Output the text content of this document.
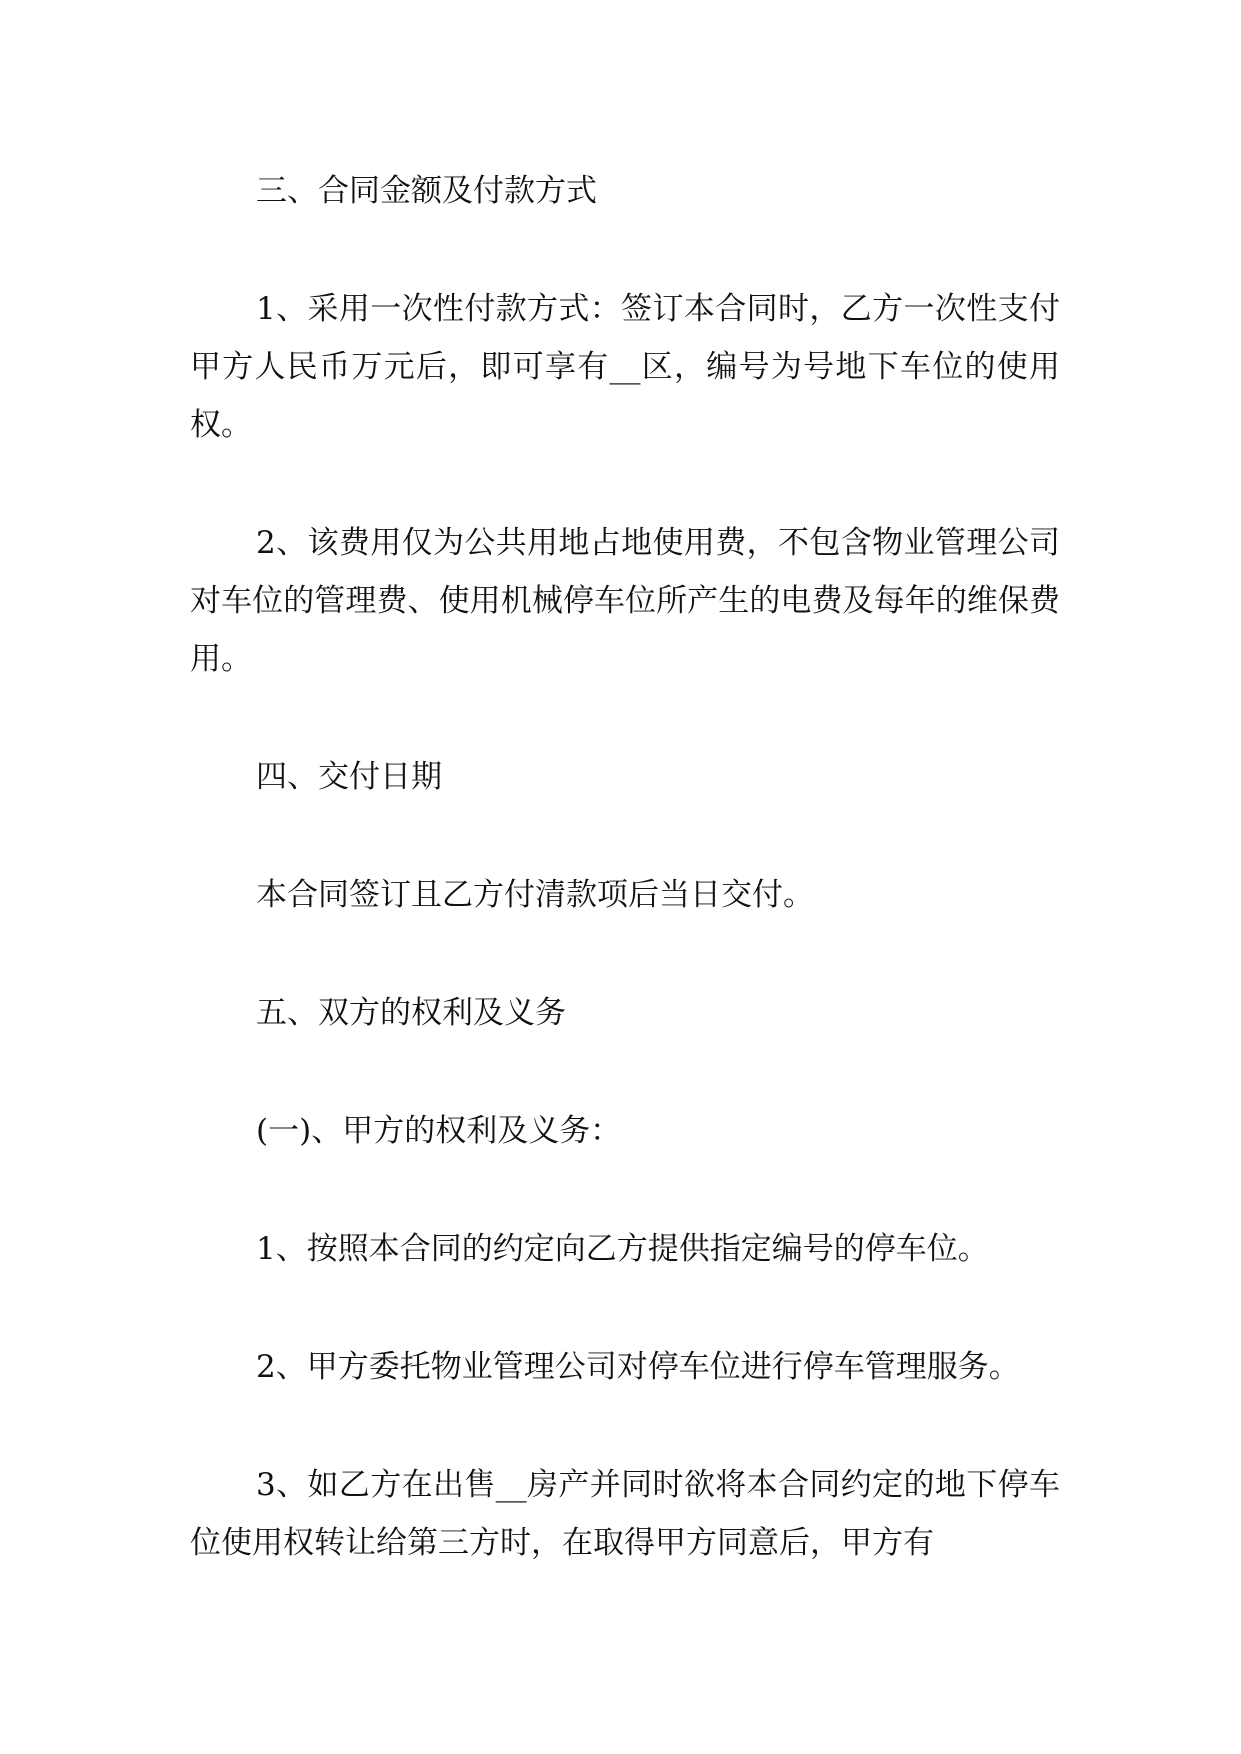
三、合同金额及付款方式

1、采用一次性付款方式：签订本合同时，乙方一次性支付甲方人民币万元后，即可享有__区，编号为号地下车位的使用权。

2、该费用仅为公共用地占地使用费，不包含物业管理公司对车位的管理费、使用机械停车位所产生的电费及每年的维保费用。

四、交付日期

本合同签订且乙方付清款项后当日交付。

五、双方的权利及义务

(一)、甲方的权利及义务：

1、按照本合同的约定向乙方提供指定编号的停车位。

2、甲方委托物业管理公司对停车位进行停车管理服务。

3、如乙方在出售__房产并同时欲将本合同约定的地下停车位使用权转让给第三方时，在取得甲方同意后，甲方有
